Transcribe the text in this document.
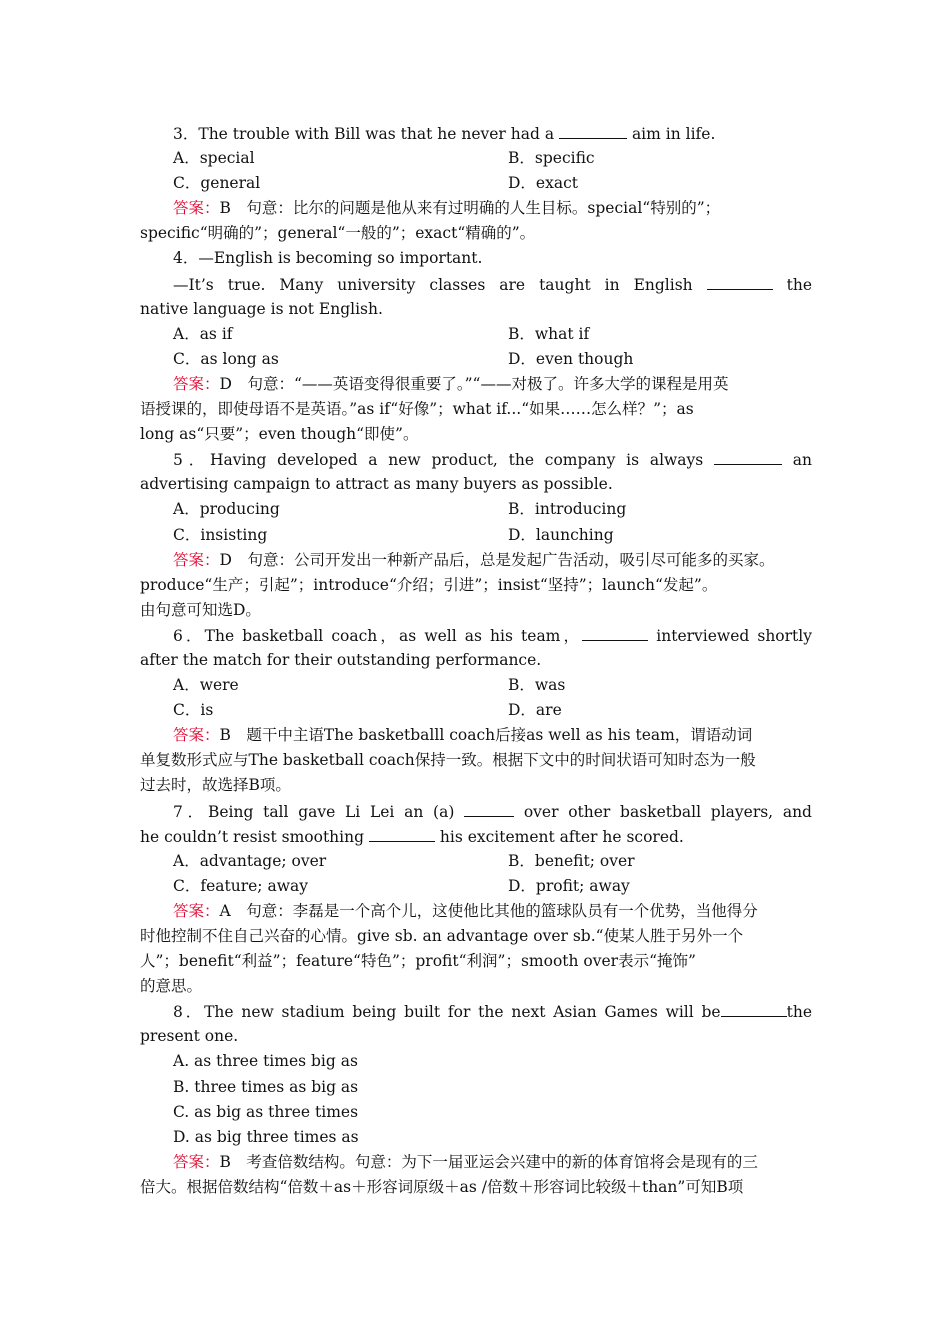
3．The trouble with Bill was that he never had a	aim in life.
A．special	B．specific
C．general	D．exact
答案：B　句意：比尔的问题是他从来有过明确的人生目标。special“特别的”；
specific“明确的”；general“一般的”；exact“精确的”。
4．—English is becoming so important.
—It’s true. Many university classes are taught in English	the
native language is not English.
A．as if	B．what if
C．as long as	D．even though
答案：D　句意：“——英语变得很重要了。”“——对极了。许多大学的课程是用英
语授课的，即使母语不是英语。”as if“好像”；what if...“如果……怎么样？”；as
long as“只要”；even though“即使”。
5．Having developed a new product, the company is always	an
advertising campaign to attract as many buyers as possible.
A．producing	B．introducing
C．insisting	D．launching
答案：D　句意：公司开发出一种新产品后，总是发起广告活动，吸引尽可能多的买家。
produce“生产；引起”；introduce“介绍；引进”；insist“坚持”；launch“发起”。
由句意可知选D。
6．The basketball coach，as well as his team，	interviewed shortly
after the match for their outstanding performance.
A．were	B．was
C．is	D．are
答案：B　题干中主语The basketballl coach后接as well as his team，谓语动词
单复数形式应与The basketball coach保持一致。根据下文中的时间状语可知时态为一般
过去时，故选择B项。
7．Being tall gave Li Lei an (a)	over other basketball players, and
he couldn’t resist smoothing	his excitement after he scored.
A．advantage; over	B．benefit; over
C．feature; away	D．profit; away
答案：A　句意：李磊是一个高个儿，这使他比其他的篮球队员有一个优势，当他得分
时他控制不住自己兴奋的心情。give sb. an advantage over sb.“使某人胜于另外一个
人”；benefit“利益”；feature“特色”；profit“利润”；smooth over表示“掩饰”
的意思。
8．The new stadium being built for the next Asian Games will be	the
present one.
A. as three times big as
B. three times as big as
C. as big as three times
D. as big three times as
答案：B　考查倍数结构。句意：为下一届亚运会兴建中的新的体育馆将会是现有的三
倍大。根据倍数结构“倍数＋as＋形容词原级＋as /倍数＋形容词比较级＋than”可知B项
